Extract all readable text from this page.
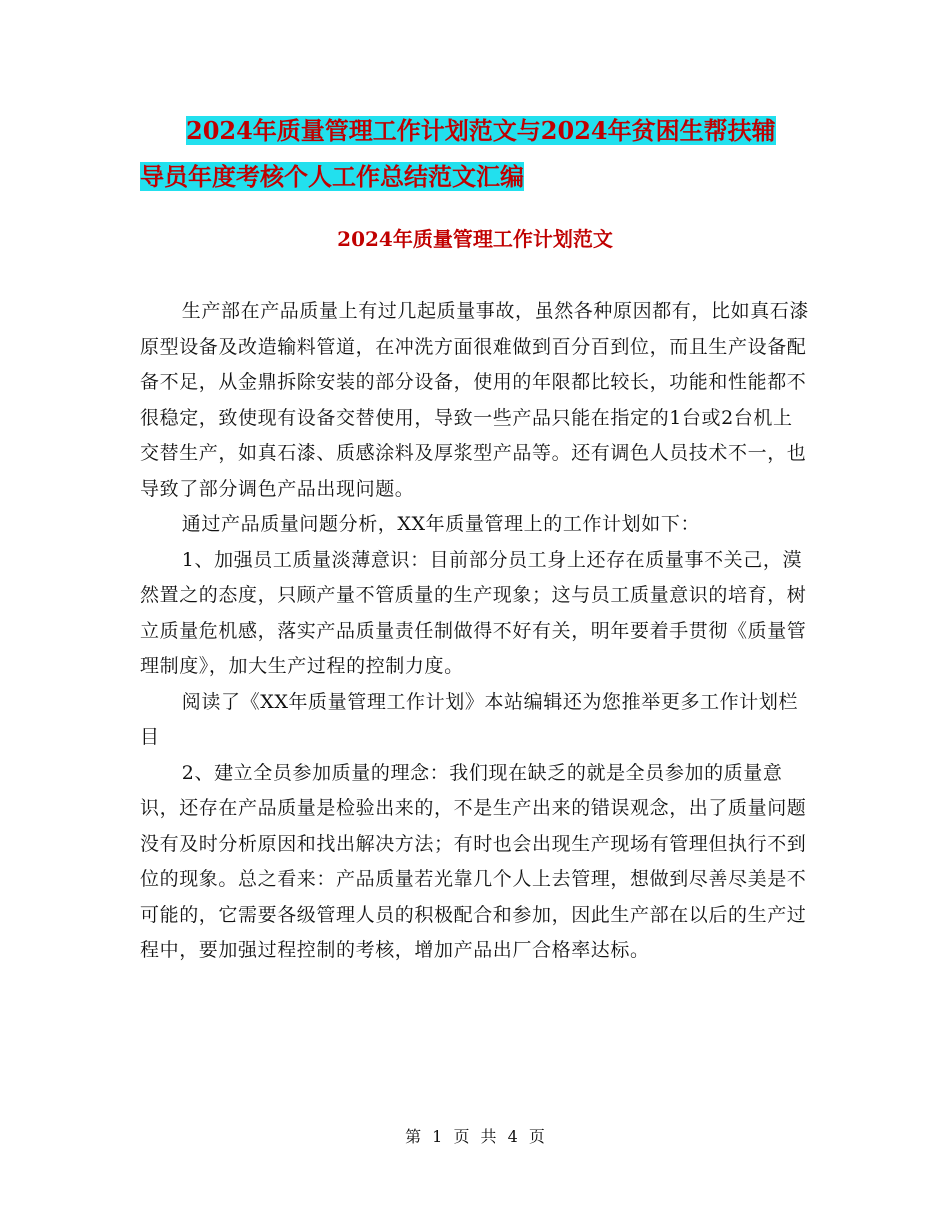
2024年质量管理工作计划范文与2024年贫困生帮扶辅
导员年度考核个人工作总结范文汇编
2024年质量管理工作计划范文

生产部在产品质量上有过几起质量事故，虽然各种原因都有，比如真石漆原型设备及改造输料管道，在冲洗方面很难做到百分百到位，而且生产设备配备不足，从金鼎拆除安装的部分设备，使用的年限都比较长，功能和性能都不很稳定，致使现有设备交替使用，导致一些产品只能在指定的1台或2台机上交替生产，如真石漆、质感涂料及厚浆型产品等。还有调色人员技术不一，也导致了部分调色产品出现问题。

通过产品质量问题分析，XX年质量管理上的工作计划如下：

1、加强员工质量淡薄意识：目前部分员工身上还存在质量事不关己，漠然置之的态度，只顾产量不管质量的生产现象；这与员工质量意识的培育，树立质量危机感，落实产品质量责任制做得不好有关，明年要着手贯彻《质量管理制度》，加大生产过程的控制力度。

阅读了《XX年质量管理工作计划》本站编辑还为您推举更多工作计划栏目

2、建立全员参加质量的理念：我们现在缺乏的就是全员参加的质量意识，还存在产品质量是检验出来的，不是生产出来的错误观念，出了质量问题没有及时分析原因和找出解决方法；有时也会出现生产现场有管理但执行不到位的现象。总之看来：产品质量若光靠几个人上去管理，想做到尽善尽美是不可能的，它需要各级管理人员的积极配合和参加，因此生产部在以后的生产过程中，要加强过程控制的考核，增加产品出厂合格率达标。

第 1 页 共 4 页
